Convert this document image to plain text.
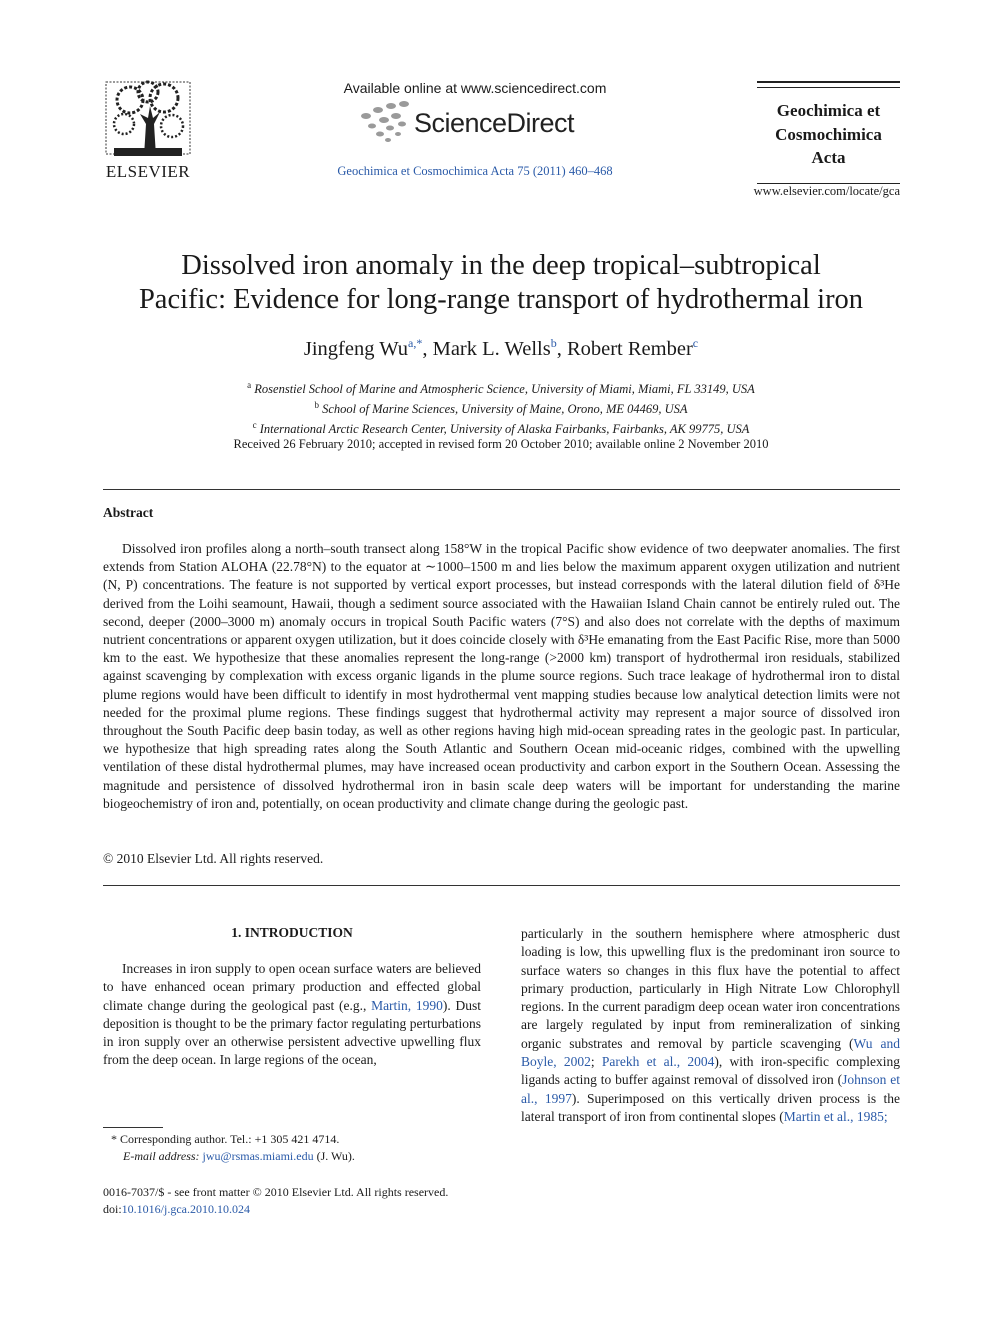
ELSEVIER
Available online at www.sciencedirect.com
ScienceDirect
Geochimica et Cosmochimica Acta 75 (2011) 460–468
Geochimica et
Cosmochimica
Acta
www.elsevier.com/locate/gca
Dissolved iron anomaly in the deep tropical–subtropical
Pacific: Evidence for long-range transport of hydrothermal iron
Jingfeng $Wu^{a,*}$, Mark L. Wells$^b$, Robert Rember$^c$
$^a$ Rosenstiel School of Marine and Atmospheric Science, University of Miami, Miami, FL 33149, USA
$^b$ School of Marine Sciences, University of Maine, Orono, ME 04469, USA
$^c$ International Arctic Research Center, University of Alaska Fairbanks, Fairbanks, AK 99775, USA
Received 26 February 2010; accepted in revised form 20 October 2010; available online 2 November 2010
Abstract
Dissolved iron profiles along a north–south transect along 158°W in the tropical Pacific show evidence of two deepwater anomalies. The first extends from Station ALOHA (22.78°N) to the equator at ∼1000–1500 m and lies below the maximum apparent oxygen utilization and nutrient (N, P) concentrations. The feature is not supported by vertical export processes, but instead corresponds with the lateral dilution field of δ³He derived from the Loihi seamount, Hawaii, though a sediment source associated with the Hawaiian Island Chain cannot be entirely ruled out. The second, deeper (2000–3000 m) anomaly occurs in tropical South Pacific waters (7°S) and also does not correlate with the depths of maximum nutrient concentrations or apparent oxygen utilization, but it does coincide closely with δ³He emanating from the East Pacific Rise, more than 5000 km to the east. We hypothesize that these anomalies represent the long-range (>2000 km) transport of hydrothermal iron residuals, stabilized against scavenging by complexation with excess organic ligands in the plume source regions. Such trace leakage of hydrothermal iron to distal plume regions would have been difficult to identify in most hydrothermal vent mapping studies because low analytical detection limits were not needed for the proximal plume regions. These findings suggest that hydrothermal activity may represent a major source of dissolved iron throughout the South Pacific deep basin today, as well as other regions having high mid-ocean spreading rates in the geologic past. In particular, we hypothesize that high spreading rates along the South Atlantic and Southern Ocean mid-oceanic ridges, combined with the upwelling ventilation of these distal hydrothermal plumes, may have increased ocean productivity and carbon export in the Southern Ocean. Assessing the magnitude and persistence of dissolved hydrothermal iron in basin scale deep waters will be important for understanding the marine biogeochemistry of iron and, potentially, on ocean productivity and climate change during the geologic past.
© 2010 Elsevier Ltd. All rights reserved.
1. INTRODUCTION
Increases in iron supply to open ocean surface waters are believed to have enhanced ocean primary production and effected global climate change during the geological past (e.g., Martin, 1990). Dust deposition is thought to be the primary factor regulating perturbations in iron supply over an otherwise persistent advective upwelling flux from the deep ocean. In large regions of the ocean,
particularly in the southern hemisphere where atmospheric dust loading is low, this upwelling flux is the predominant iron source to surface waters so changes in this flux have the potential to affect primary production, particularly in High Nitrate Low Chlorophyll regions. In the current paradigm deep ocean water iron concentrations are largely regulated by input from remineralization of sinking organic substrates and removal by particle scavenging (Wu and Boyle, 2002; Parekh et al., 2004), with iron-specific complexing ligands acting to buffer against removal of dissolved iron (Johnson et al., 1997). Superimposed on this vertically driven process is the lateral transport of iron from continental slopes (Martin et al., 1985;
* Corresponding author. Tel.: +1 305 421 4714.
E-mail address: jwu@rsmas.miami.edu (J. Wu).
0016-7037/$ - see front matter © 2010 Elsevier Ltd. All rights reserved.
doi:10.1016/j.gca.2010.10.024
